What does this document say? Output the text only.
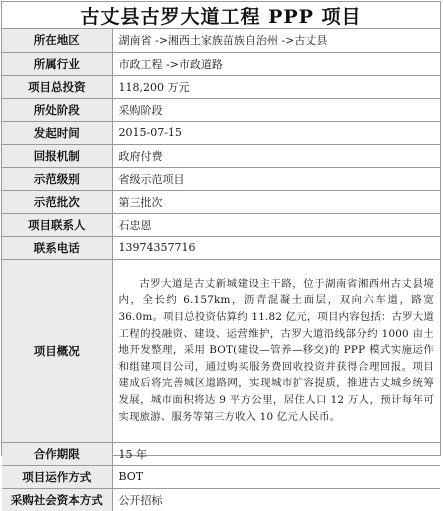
古丈县古罗大道工程 PPP 项目
所在地区	湖南省 ->湘西土家族苗族自治州 ->古丈县
所属行业	市政工程 ->市政道路
项目总投资	118,200 万元
所处阶段	采购阶段
发起时间	2015-07-15
回报机制	政府付费
示范级别	省级示范项目
示范批次	第三批次
项目联系人	石忠恩
联系电话	13974357716
项目概况	古罗大道是古丈新城建设主干路，位于湖南省湘西州古丈县境内，全长约 6.157km，沥青混凝土面层，双向六车道，路宽 36.0m。项目总投资估算约 11.82 亿元，项目内容包括：古罗大道工程的投融资、建设、运营维护，古罗大道沿线部分约 1000 亩土地开发整理，采用 BOT(建设—管养—移交)的 PPP 模式实施运作和组建项目公司，通过购买服务费回收投资并获得合理回报。项目建成后将完善城区道路网，实现城市扩容提质，推进古丈城乡统筹发展，城市面积将达 9 平方公里，居住人口 12 万人，预计每年可实现旅游、服务等第三方收入 10 亿元人民币。
合作期限	15 年
项目运作方式	BOT
采购社会资本方式	公开招标
